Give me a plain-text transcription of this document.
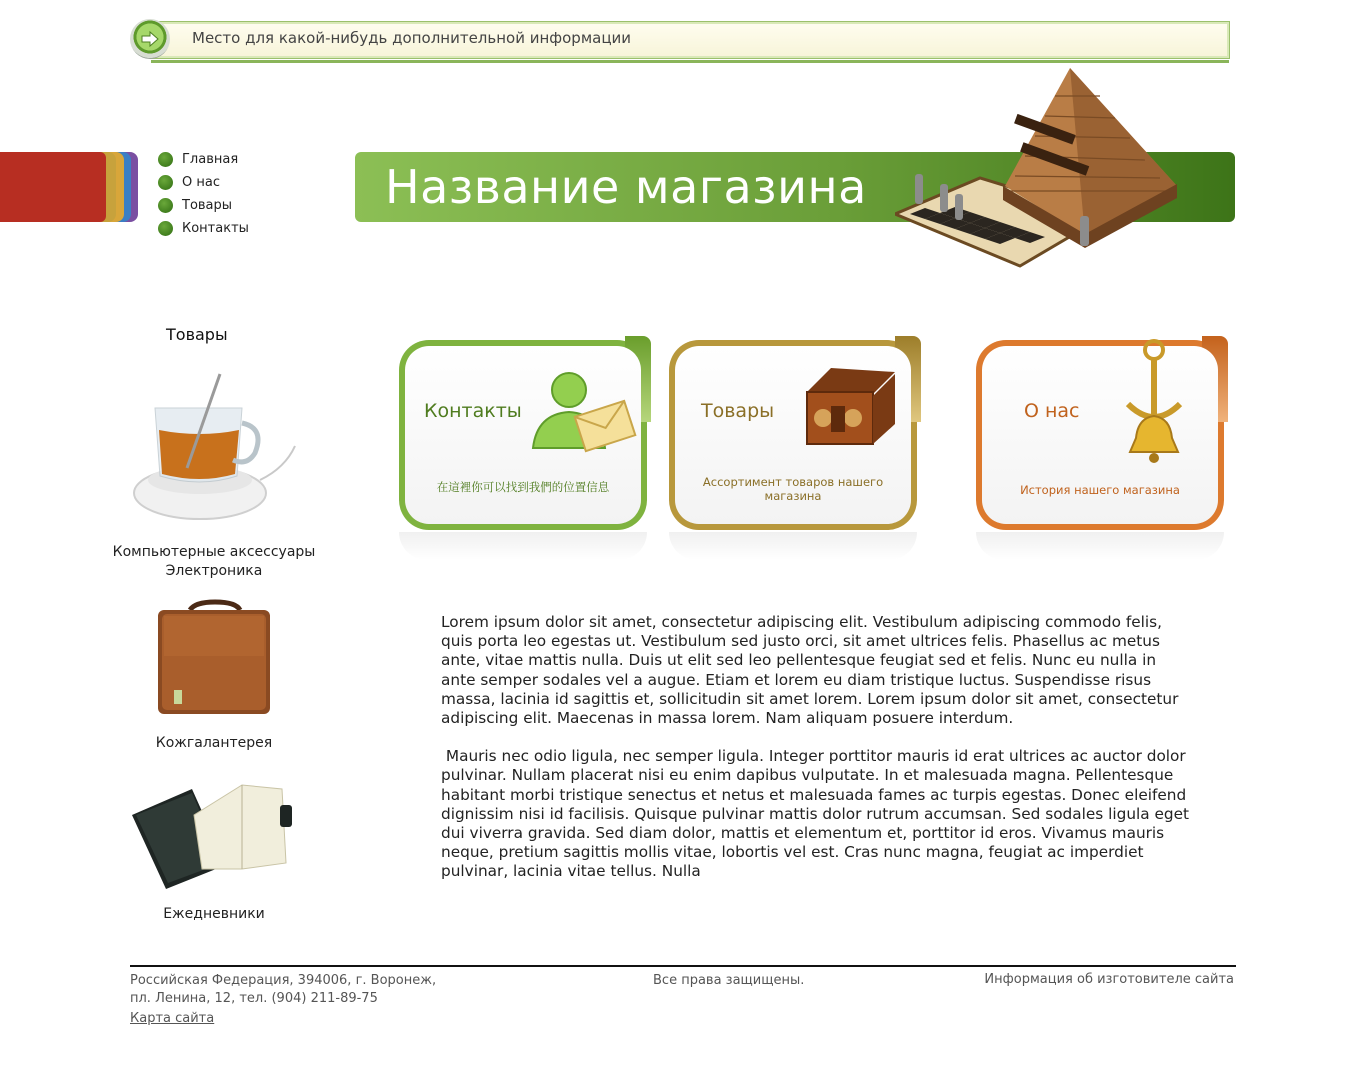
Место для какой-нибудь дополнительной информации
Главная
О нас
Товары
Контакты
Название магазина
Товары
Компьютерные аксессуары
Электроника
Кожгалантерея
Ежедневники
Контакты
在這裡你可以找到我們的位置信息
Товары
Ассортимент товаров нашего магазина
О нас
История нашего магазина

Lorem ipsum dolor sit amet, consectetur adipiscing elit. Vestibulum adipiscing commodo felis, quis porta leo egestas ut. Vestibulum sed justo orci, sit amet ultrices felis. Phasellus ac metus ante, vitae mattis nulla. Duis ut elit sed leo pellentesque feugiat sed et felis. Nunc eu nulla in ante semper sodales vel a augue. Etiam et lorem eu diam tristique luctus. Suspendisse risus massa, lacinia id sagittis et, sollicitudin sit amet lorem. Lorem ipsum dolor sit amet, consectetur adipiscing elit. Maecenas in massa lorem. Nam aliquam posuere interdum.

Mauris nec odio ligula, nec semper ligula. Integer porttitor mauris id erat ultrices ac auctor dolor pulvinar. Nullam placerat nisi eu enim dapibus vulputate. In et malesuada magna. Pellentesque habitant morbi tristique senectus et netus et malesuada fames ac turpis egestas. Donec eleifend dignissim nisi id facilisis. Quisque pulvinar mattis dolor rutrum accumsan. Sed sodales ligula eget dui viverra gravida. Sed diam dolor, mattis et elementum et, porttitor id eros. Vivamus mauris neque, pretium sagittis mollis vitae, lobortis vel est. Cras nunc magna, feugiat ac imperdiet pulvinar, lacinia vitae tellus. Nulla

Российская Федерация, 394006, г. Воронеж,
пл. Ленина, 12, тел. (904) 211-89-75
Карта сайта
Все права защищены.	Информация об изготовителе сайта
